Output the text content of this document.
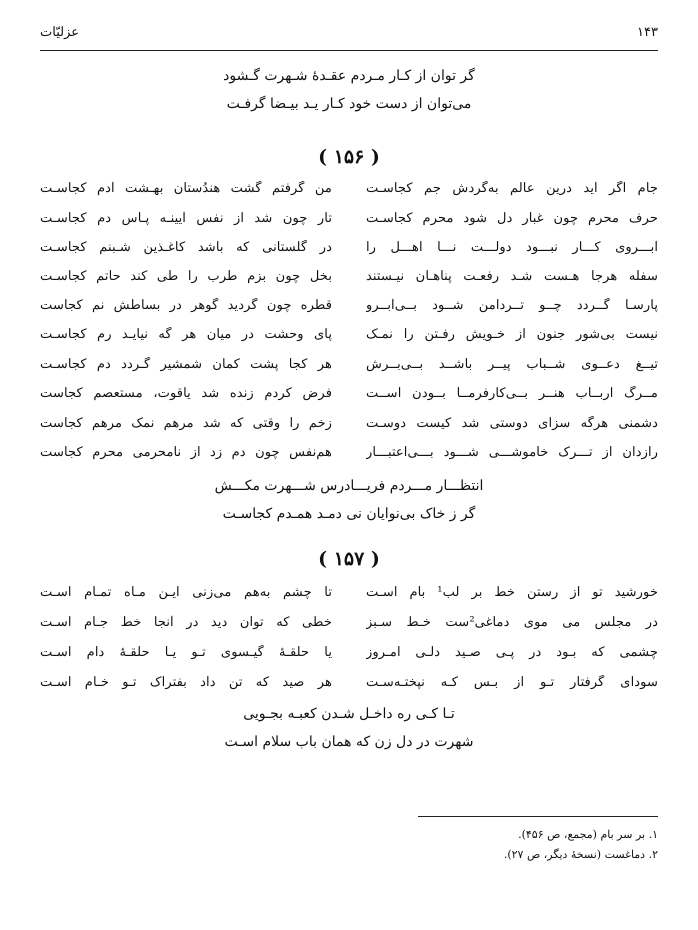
۱۴۳
عزلیّات
گر توان از کـار مـردم عقـدهٔ شـهرت گـشود
می‌توان از دست خود کـار یـد بیـضا گرفـت
( ۱۵۶ )
جام اگر آید درین عالم به‌گردش جم کجاسـت
من گرفتم گشت هندُستان بهـشت آدم کجاسـت
حرف محرم چون غبار دل شود محرم کجاسـت
تار چون شد از نفس آیینـه پـاس دم کجاسـت
آبـــروی کـــار نبـــود دولـــت نـــا اهـــل را
در گلستانی که باشد کاغـذین شـبنم کجاسـت
سفله هرجا هـست شـد رفعـت پناهـان نیـستند
بخل چون بزم طرب را طی کند حاتم کجاسـت
پارسـا گــردد چــو تــردامن شــود بــی‌آبــرو
قطره چون گردید گوهر در بساطش نم کجاست
نیست بی‌شور جنون از خـویش رفـتن را نمـک
پای وحشت در میان هر گه نیایـد رم کجاسـت
تیــغ دعــوی شــباب پیــر باشــد بــی‌بــرش
هر کجا پشت کمان شمشیر گـردد دم کجاسـت
مــرگ اربــاب هنــر بــی‌کارفرمــا بــودن اســت
فرض کردم زنده شد یاقوت، مستعصم کجاست
دشمنی هرگه سزای دوستی شد کیست دوسـت
زخم را وقتی که شد مرهم نمک مرهم کجاست
رازدان از تـــرک خاموشـــی شـــود بـــی‌اعتبـــار
هم‌نفس چون دم زد از نامحرمی محرم کجاست
انتظـــار مـــردم فریـــادرس شـــهرت مکـــش
گر ز خاک بی‌نوایان نی دمـد همـدم کجاسـت
( ۱۵۷ )
خورشید تو از رستن خط بر لب¹ بام اسـت
تا چشم به‌هم می‌زنی ایـن مـاه تمـام اسـت
در مجلس می موی دماغی²ست خـط سـبز
خطی که توان دید در آنجا خط جـام اسـت
چشمی که بـود در پـی صـید دلـی امـروز
یا حلقـهٔ گیـسوی تـو یـا حلقـهٔ دام اسـت
سودای گرفتار تـو از بـس کـه نپختـه‌سـت
هر صید که تن داد بفتراک تـو خـام اسـت
تـا کـی ره داخـل شـدن کعبـه بجـویی
شهرت در دل زن که همان باب سلام اسـت
۱. بر سر بام (مجمع، ص ۴۵۶).
۲. دماغست (نسخهٔ دیگر، ص ۲۷).
